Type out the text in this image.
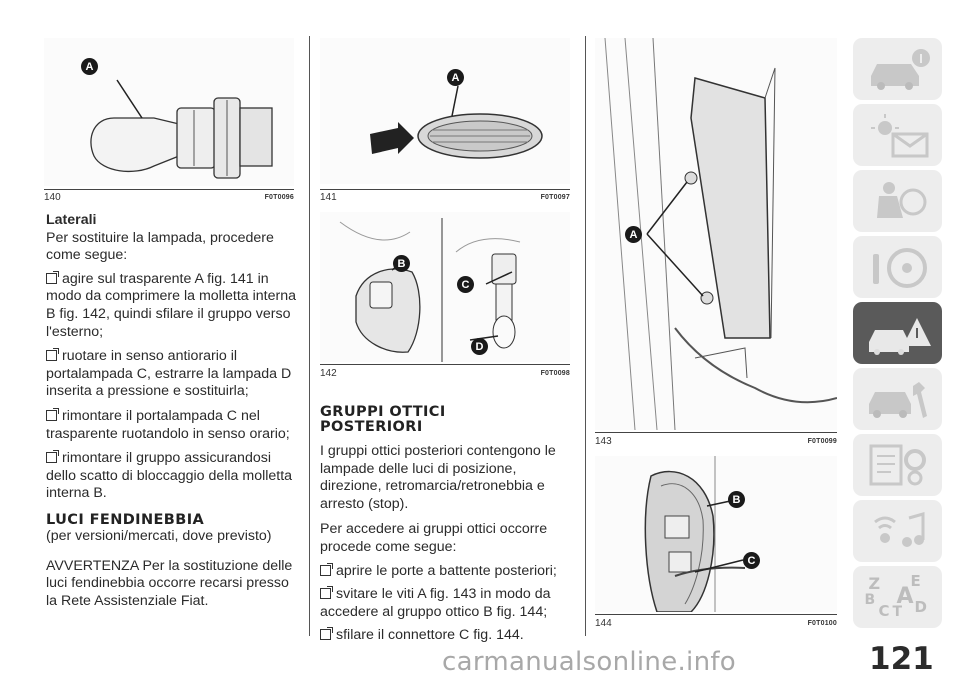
A
140	F0T0096
Laterali
Per sostituire la lampada, procedere come segue:
agire sul trasparente A fig. 141 in modo da comprimere la molletta interna B fig. 142, quindi sfilare il gruppo verso l'esterno;
ruotare in senso antiorario il portalampada C, estrarre la lampada D inserita a pressione e sostituirla;
rimontare il portalampada C nel trasparente ruotandolo in senso orario;
rimontare il gruppo assicurandosi dello scatto di bloccaggio della molletta interna B.
LUCI FENDINEBBIA
(per versioni/mercati, dove previsto)
AVVERTENZA Per la sostituzione delle luci fendinebbia occorre recarsi presso la Rete Assistenziale Fiat.
A
141	F0T0097
B
C
D
142	F0T0098
GRUPPI OTTICI
POSTERIORI
I gruppi ottici posteriori contengono le lampade delle luci di posizione, direzione, retromarcia/retronebbia e arresto (stop).
Per accedere ai gruppi ottici occorre procede come segue:
aprire le porte a battente posteriori;
svitare le viti A fig. 143 in modo da accedere al gruppo ottico B fig. 144;
sfilare il connettore C fig. 144.
A
143	F0T0099
B
C
144	F0T0100
Z E
B A
C T D
carmanualsonline.info	121
